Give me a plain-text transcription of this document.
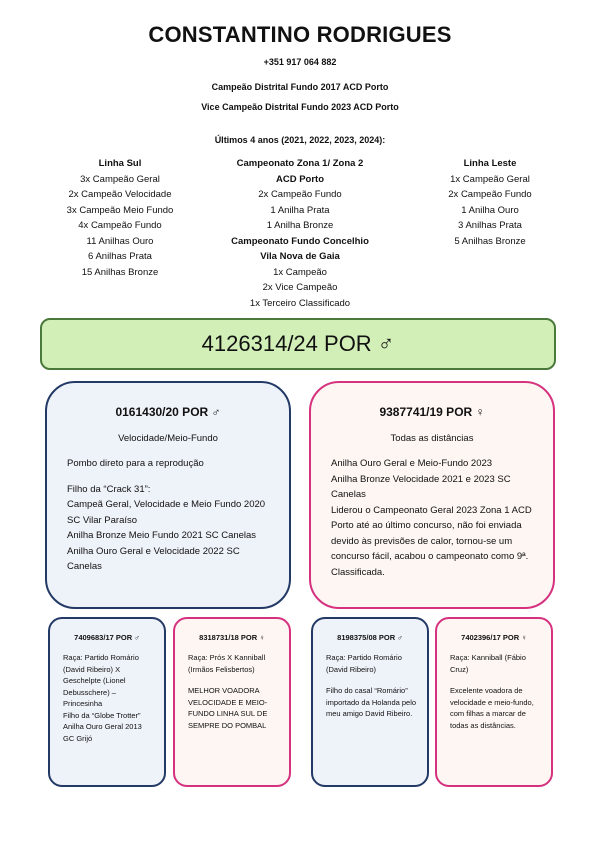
CONSTANTINO RODRIGUES
+351 917 064 882
Campeão Distrital Fundo 2017 ACD Porto
Vice Campeão Distrital Fundo 2023 ACD Porto
Últimos 4 anos (2021, 2022, 2023, 2024):
Linha Sul
3x Campeão Geral
2x Campeão Velocidade
3x Campeão Meio Fundo
4x Campeão Fundo
11 Anilhas Ouro
6 Anilhas Prata
15 Anilhas Bronze
Campeonato Zona 1/ Zona 2
ACD Porto
2x Campeão Fundo
1 Anilha Prata
1 Anilha Bronze
Campeonato Fundo Concelhio
Vila Nova de Gaia
1x Campeão
2x Vice Campeão
1x Terceiro Classificado
Linha Leste
1x Campeão Geral
2x Campeão Fundo
1 Anilha Ouro
3 Anilhas Prata
5 Anilhas Bronze
4126314/24 POR ♂
0161430/20 POR ♂
Velocidade/Meio-Fundo
Pombo direto para a reprodução
Filho da “Crack 31”:
Campeã Geral, Velocidade e Meio Fundo 2020 SC Vilar Paraíso
Anilha Bronze Meio Fundo 2021 SC Canelas
Anilha Ouro Geral e Velocidade 2022 SC Canelas
9387741/19 POR ♀
Todas as distâncias
Anilha Ouro Geral e Meio-Fundo 2023
Anilha Bronze Velocidade 2021 e 2023 SC Canelas
Liderou o Campeonato Geral 2023 Zona 1 ACD Porto até ao último concurso, não foi enviada devido às previsões de calor, tornou-se um concurso fácil, acabou o campeonato como 9ª. Classificada.
7409683/17 POR ♂
Raça: Partido Romário (David Ribeiro) X Geschelpte (Lionel Debusschere) – Princesinha
Filho da “Globe Trotter” Anilha Ouro Geral 2013 GC Grijó
8318731/18 POR ♀
Raça: Prós X Kanniball (Irmãos Felisbertos)
MELHOR VOADORA VELOCIDADE E MEIO-FUNDO LINHA SUL DE SEMPRE DO POMBAL
8198375/08 POR ♂
Raça: Partido Romário (David Ribeiro)
Filho do casal “Romário” importado da Holanda pelo meu amigo David Ribeiro.
7402396/17 POR ♀
Raça: Kanniball (Fábio Cruz)
Excelente voadora de velocidade e meio-fundo, com filhas a marcar de todas as distâncias.
